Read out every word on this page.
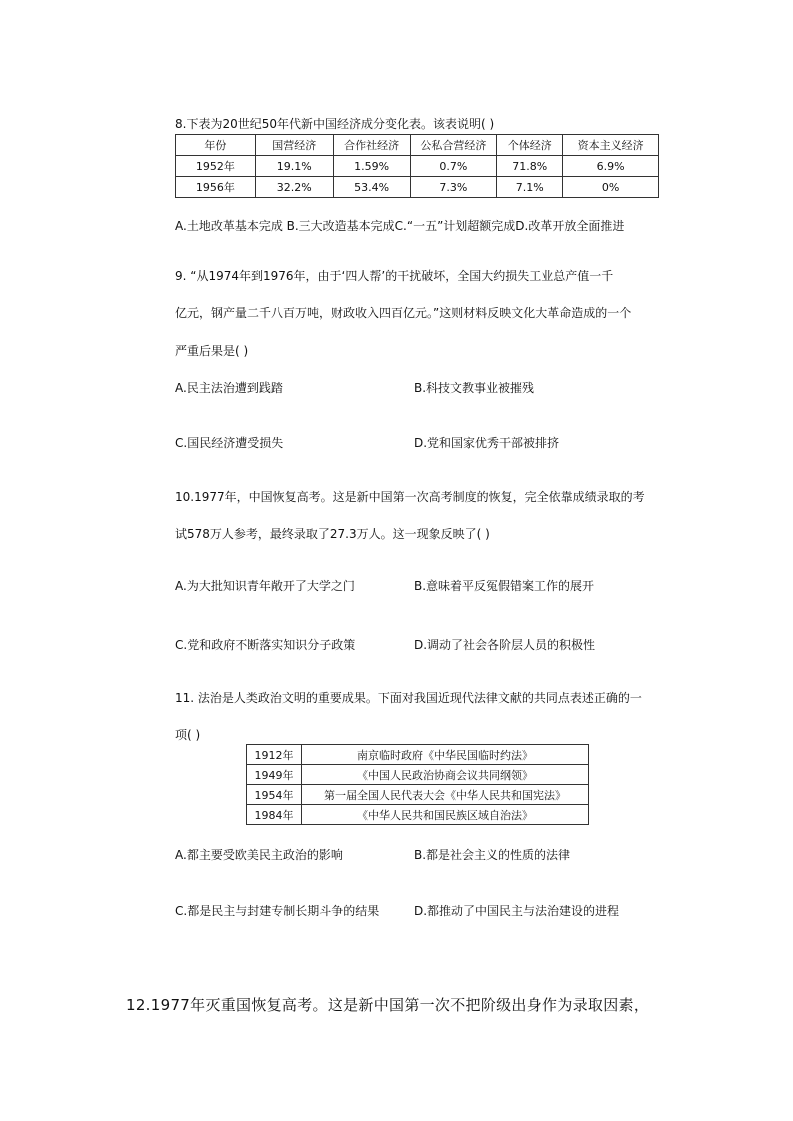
8.下表为20世纪50年代新中国经济成分变化表。该表说明( )
年份	国营经济	合作社经济	公私合营经济	个体经济	资本主义经济
1952年	19.1%	1.59%	0.7%	71.8%	6.9%
1956年	32.2%	53.4%	7.3%	7.1%	0%
A.土地改革基本完成 B.三大改造基本完成C.“一五”计划超额完成D.改革开放全面推进
9. “从1974年到1976年，由于‘四人帮’的干扰破坏，全国大约损失工业总产值一千
亿元，钢产量二千八百万吨，财政收入四百亿元。”这则材料反映文化大革命造成的一个
严重后果是( )
A.民主法治遭到践踏	B.科技文教事业被摧残
C.国民经济遭受损失	D.党和国家优秀干部被排挤
10.1977年，中国恢复高考。这是新中国第一次高考制度的恢复，完全依靠成绩录取的考
试578万人参考，最终录取了27.3万人。这一现象反映了( )
A.为大批知识青年敞开了大学之门	B.意味着平反冤假错案工作的展开
C.党和政府不断落实知识分子政策	D.调动了社会各阶层人员的积极性
11. 法治是人类政治文明的重要成果。下面对我国近现代法律文献的共同点表述正确的一
项( )
1912年	南京临时政府《中华民国临时约法》
1949年	《中国人民政治协商会议共同纲领》
1954年	第一届全国人民代表大会《中华人民共和国宪法》
1984年	《中华人民共和国民族区域自治法》
A.都主要受欧美民主政治的影响	B.都是社会主义的性质的法律
C.都是民主与封建专制长期斗争的结果	D.都推动了中国民主与法治建设的进程
12.1977年灭重国恢复高考。这是新中国第一次不把阶级出身作为录取因素，
